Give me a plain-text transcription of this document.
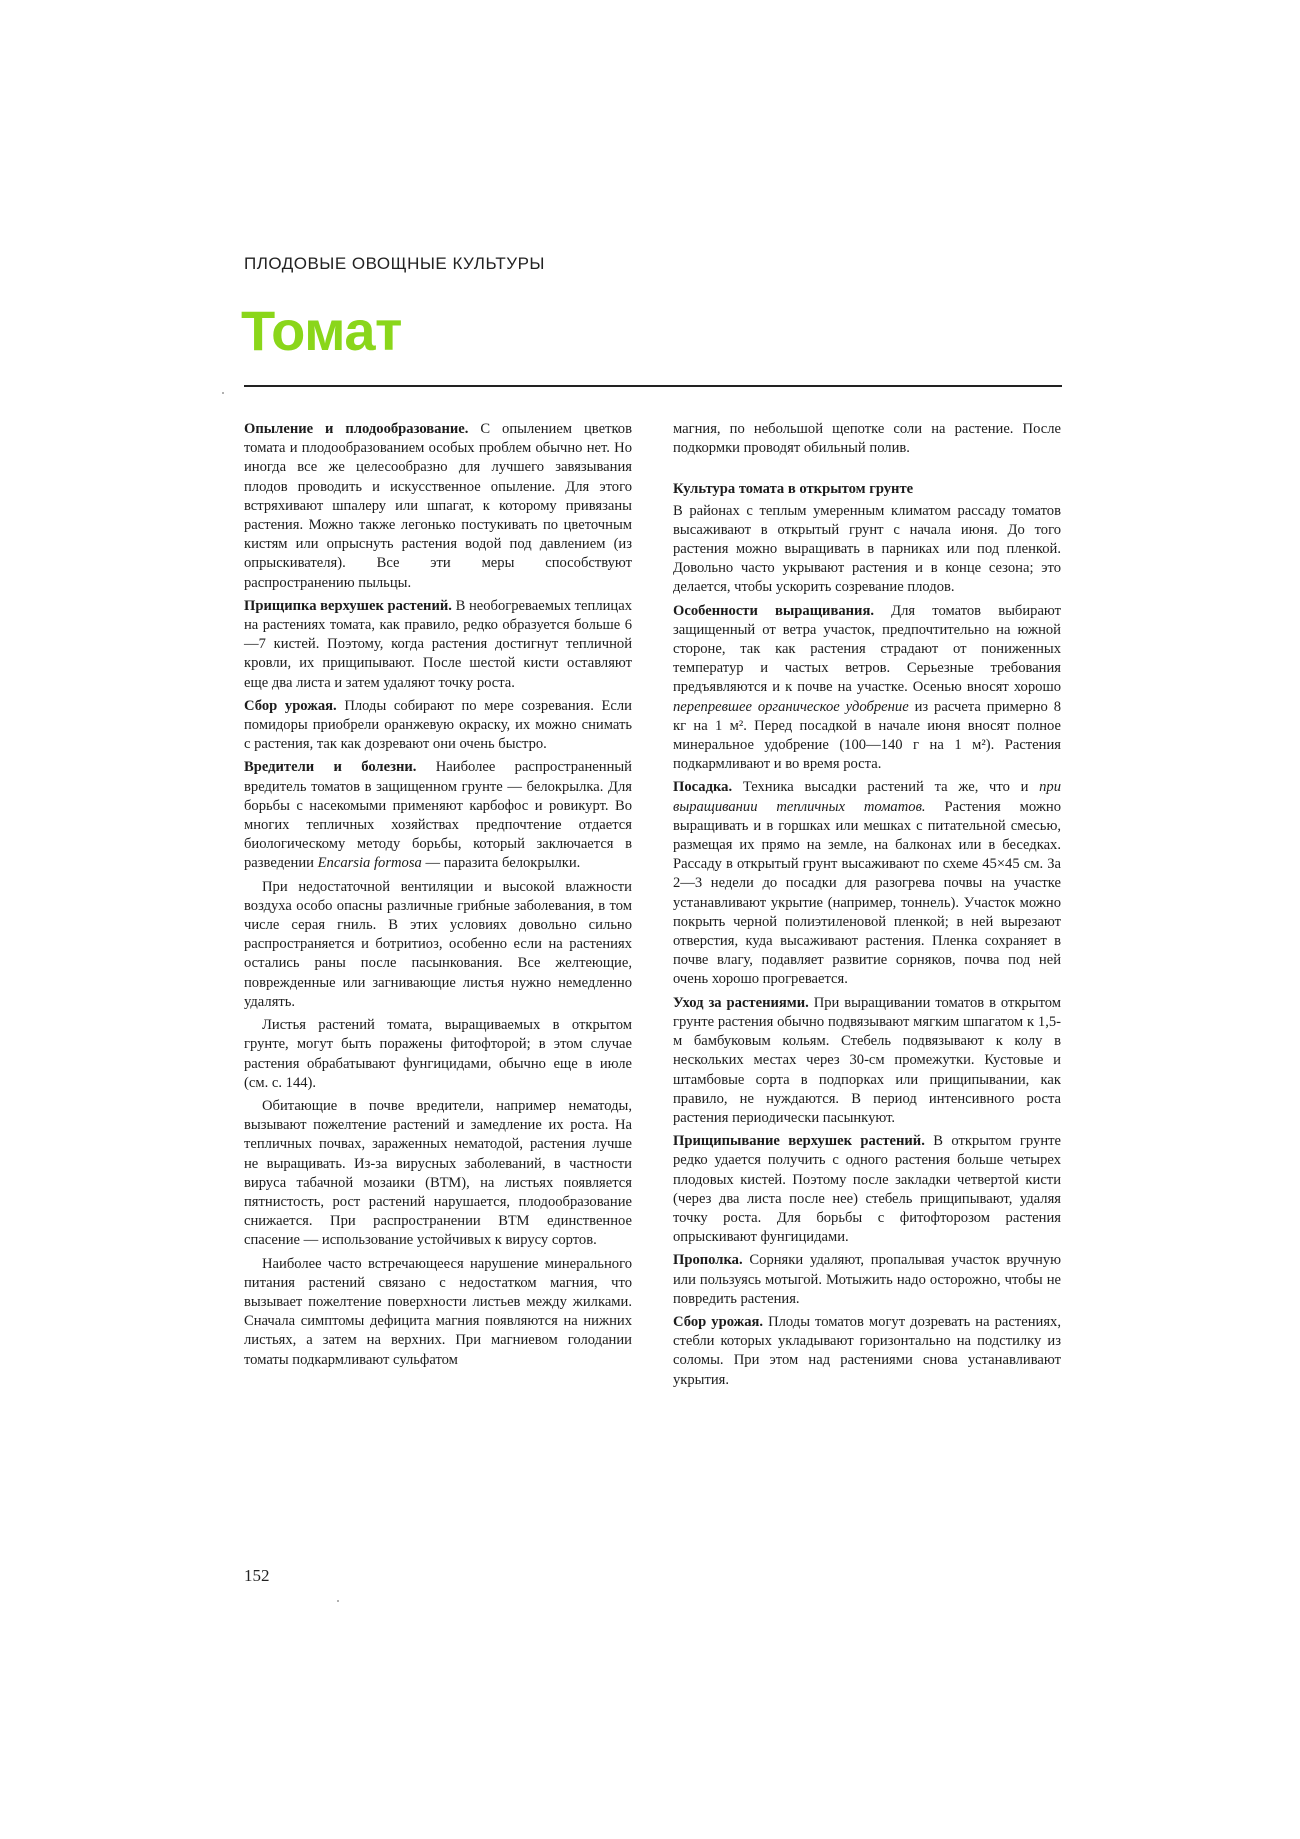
ПЛОДОВЫЕ ОВОЩНЫЕ КУЛЬТУРЫ
Томат

Опыление и плодообразование. С опылением цветков томата и плодообразованием особых проблем обычно нет. Но иногда все же целесообразно для лучшего завязывания плодов проводить и искусственное опыление. Для этого встряхивают шпалеру или шпагат, к которому привязаны растения. Можно также легонько постукивать по цветочным кистям или опрыснуть растения водой под давлением (из опрыскивателя). Все эти меры способствуют распространению пыльцы.

Прищипка верхушек растений. В необогреваемых теплицах на растениях томата, как правило, редко образуется больше 6—7 кистей. Поэтому, когда растения достигнут тепличной кровли, их прищипывают. После шестой кисти оставляют еще два листа и затем удаляют точку роста.

Сбор урожая. Плоды собирают по мере созревания. Если помидоры приобрели оранжевую окраску, их можно снимать с растения, так как дозревают они очень быстро.

Вредители и болезни. Наиболее распространенный вредитель томатов в защищенном грунте — белокрылка. Для борьбы с насекомыми применяют карбофос и ровикурт. Во многих тепличных хозяйствах предпочтение отдается биологическому методу борьбы, который заключается в разведении Encarsia formosa — паразита белокрылки.

При недостаточной вентиляции и высокой влажности воздуха особо опасны различные грибные заболевания, в том числе серая гниль. В этих условиях довольно сильно распространяется и ботритиоз, особенно если на растениях остались раны после пасынкования. Все желтеющие, поврежденные или загнивающие листья нужно немедленно удалять.

Листья растений томата, выращиваемых в открытом грунте, могут быть поражены фитофторой; в этом случае растения обрабатывают фунгицидами, обычно еще в июле (см. с. 144).

Обитающие в почве вредители, например нематоды, вызывают пожелтение растений и замедление их роста. На тепличных почвах, зараженных нематодой, растения лучше не выращивать. Из-за вирусных заболеваний, в частности вируса табачной мозаики (ВТМ), на листьях появляется пятнистость, рост растений нарушается, плодообразование снижается. При распространении ВТМ единственное спасение — использование устойчивых к вирусу сортов.

Наиболее часто встречающееся нарушение минерального питания растений связано с недостатком магния, что вызывает пожелтение поверхности листьев между жилками. Сначала симптомы дефицита магния появляются на нижних листьях, а затем на верхних. При магниевом голодании томаты подкармливают сульфатом

магния, по небольшой щепотке соли на растение. После подкормки проводят обильный полив.

Культура томата в открытом грунте

В районах с теплым умеренным климатом рассаду томатов высаживают в открытый грунт с начала июня. До того растения можно выращивать в парниках или под пленкой. Довольно часто укрывают растения и в конце сезона; это делается, чтобы ускорить созревание плодов.

Особенности выращивания. Для томатов выбирают защищенный от ветра участок, предпочтительно на южной стороне, так как растения страдают от пониженных температур и частых ветров. Серьезные требования предъявляются и к почве на участке. Осенью вносят хорошо перепревшее органическое удобрение из расчета примерно 8 кг на 1 м². Перед посадкой в начале июня вносят полное минеральное удобрение (100—140 г на 1 м²). Растения подкармливают и во время роста.

Посадка. Техника высадки растений та же, что и при выращивании тепличных томатов. Растения можно выращивать и в горшках или мешках с питательной смесью, размещая их прямо на земле, на балконах или в беседках. Рассаду в открытый грунт высаживают по схеме 45×45 см. За 2—3 недели до посадки для разогрева почвы на участке устанавливают укрытие (например, тоннель). Участок можно покрыть черной полиэтиленовой пленкой; в ней вырезают отверстия, куда высаживают растения. Пленка сохраняет в почве влагу, подавляет развитие сорняков, почва под ней очень хорошо прогревается.

Уход за растениями. При выращивании томатов в открытом грунте растения обычно подвязывают мягким шпагатом к 1,5-м бамбуковым кольям. Стебель подвязывают к колу в нескольких местах через 30-см промежутки. Кустовые и штамбовые сорта в подпорках или прищипывании, как правило, не нуждаются. В период интенсивного роста растения периодически пасынкуют.

Прищипывание верхушек растений. В открытом грунте редко удается получить с одного растения больше четырех плодовых кистей. Поэтому после закладки четвертой кисти (через два листа после нее) стебель прищипывают, удаляя точку роста. Для борьбы с фитофторозом растения опрыскивают фунгицидами.

Прополка. Сорняки удаляют, пропалывая участок вручную или пользуясь мотыгой. Мотыжить надо осторожно, чтобы не повредить растения.

Сбор урожая. Плоды томатов могут дозревать на растениях, стебли которых укладывают горизонтально на подстилку из соломы. При этом над растениями снова устанавливают укрытия.

152
